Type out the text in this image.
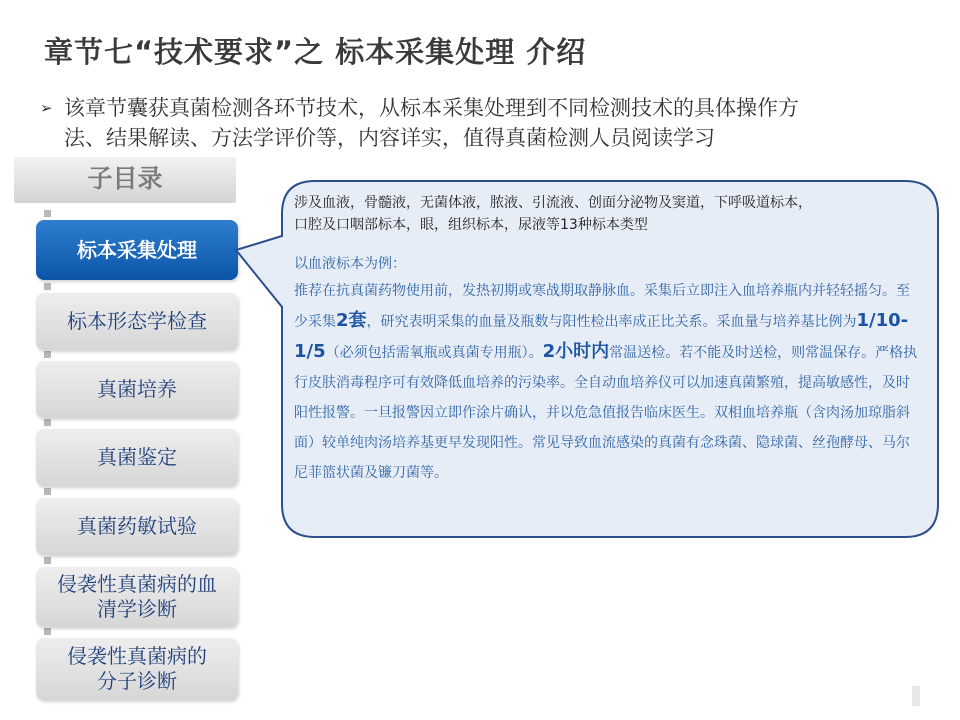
章节七“技术要求”之 标本采集处理 介绍
➢ 该章节囊获真菌检测各环节技术，从标本采集处理到不同检测技术的具体操作方
法、结果解读、方法学评价等，内容详实，值得真菌检测人员阅读学习
子目录
标本采集处理
标本形态学检查
真菌培养
真菌鉴定
真菌药敏试验
侵袭性真菌病的血
清学诊断
侵袭性真菌病的
分子诊断
涉及血液，骨髓液，无菌体液，脓液、引流液、创面分泌物及窦道，下呼吸道标本，
口腔及口咽部标本，眼，组织标本，尿液等13种标本类型
以血液标本为例：
推荐在抗真菌药物使用前，发热初期或寒战期取静脉血。采集后立即注入血培养瓶内并轻轻摇匀。至少采集2套，研究表明采集的血量及瓶数与阳性检出率成正比关系。采血量与培养基比例为1/10-1/5（必须包括需氧瓶或真菌专用瓶）。2小时内常温送检。若不能及时送检，则常温保存。严格执行皮肤消毒程序可有效降低血培养的污染率。全自动血培养仪可以加速真菌繁殖，提高敏感性，及时阳性报警。一旦报警因立即作涂片确认，并以危急值报告临床医生。双相血培养瓶（含肉汤加琼脂斜面）较单纯肉汤培养基更早发现阳性。常见导致血流感染的真菌有念珠菌、隐球菌、丝孢酵母、马尔尼菲篮状菌及镰刀菌等。
